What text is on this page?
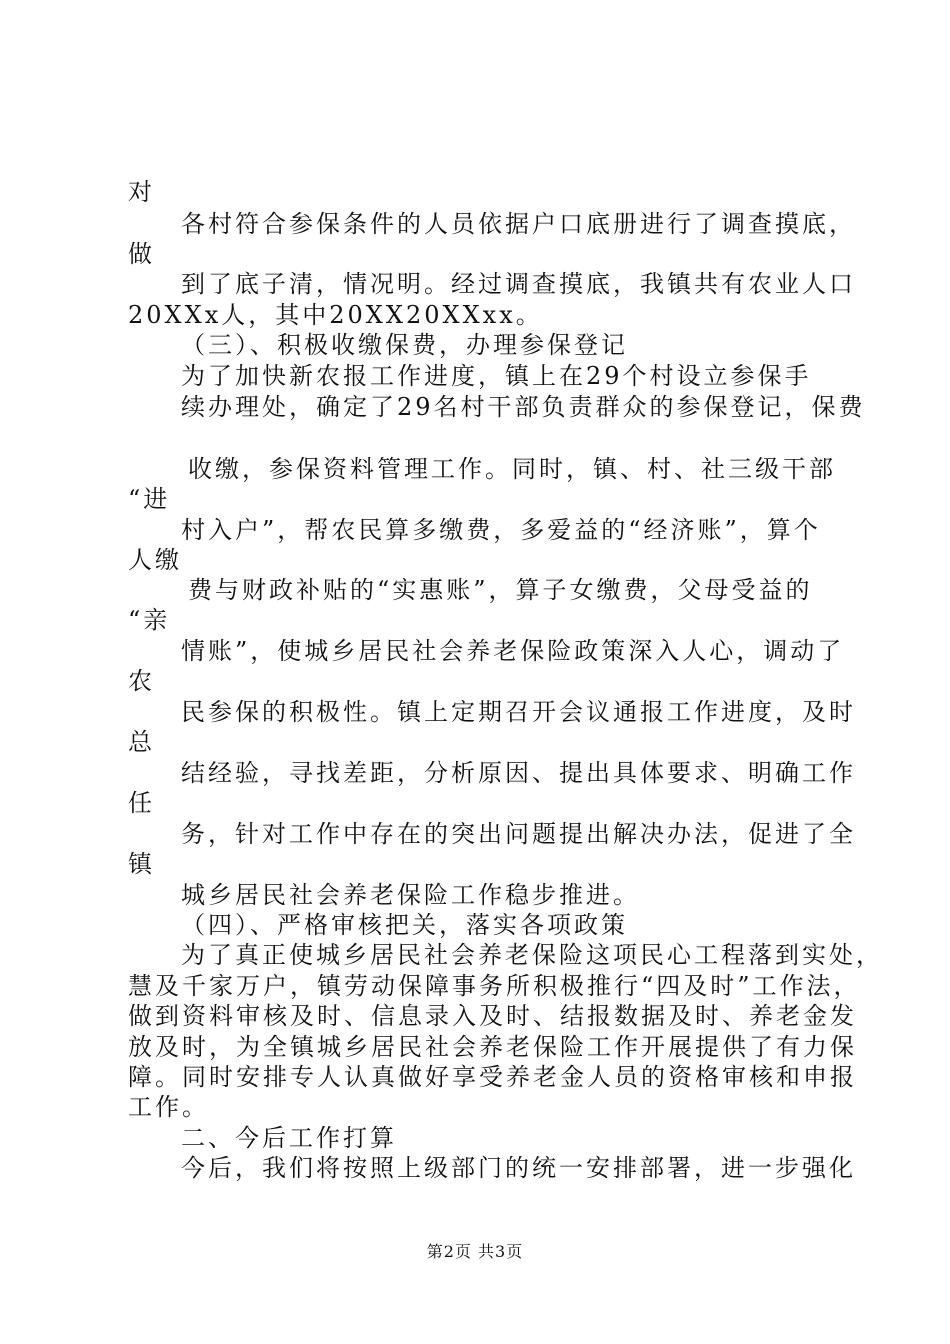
对
各村符合参保条件的人员依据户口底册进行了调查摸底，
做
到了底子清，情况明。经过调查摸底，我镇共有农业人口
20XXx人，其中20XX20XXxx。
（三）、积极收缴保费，办理参保登记
为了加快新农报工作进度，镇上在29个村设立参保手
续办理处，确定了29名村干部负责群众的参保登记，保费
收缴，参保资料管理工作。同时，镇、村、社三级干部
“进
村入户”，帮农民算多缴费，多爱益的“经济账”，算个
人缴
费与财政补贴的“实惠账”，算子女缴费，父母受益的
“亲
情账”，使城乡居民社会养老保险政策深入人心，调动了
农
民参保的积极性。镇上定期召开会议通报工作进度，及时
总
结经验，寻找差距，分析原因、提出具体要求、明确工作
任
务，针对工作中存在的突出问题提出解决办法，促进了全
镇
城乡居民社会养老保险工作稳步推进。
（四）、严格审核把关，落实各项政策
为了真正使城乡居民社会养老保险这项民心工程落到实处，
慧及千家万户，镇劳动保障事务所积极推行“四及时”工作法，
做到资料审核及时、信息录入及时、结报数据及时、养老金发
放及时，为全镇城乡居民社会养老保险工作开展提供了有力保
障。同时安排专人认真做好享受养老金人员的资格审核和申报
工作。
二、今后工作打算
今后，我们将按照上级部门的统一安排部署，进一步强化
第2页 共3页
